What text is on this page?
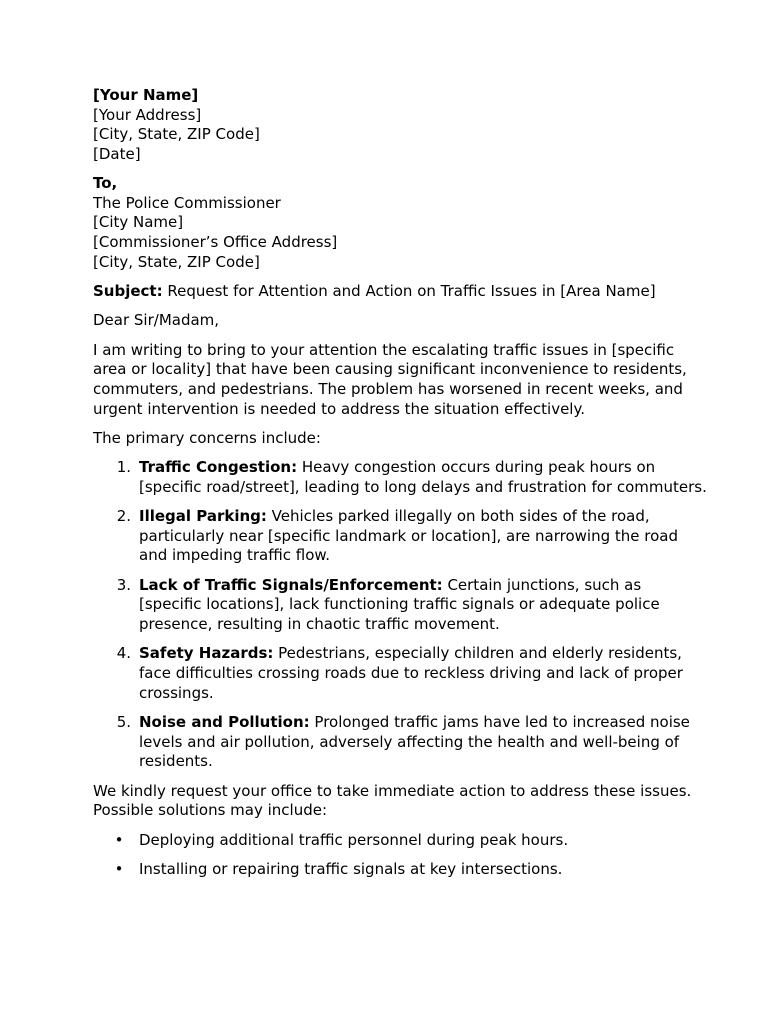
[Your Name]
[Your Address]
[City, State, ZIP Code]
[Date]
To,
The Police Commissioner
[City Name]
[Commissioner’s Office Address]
[City, State, ZIP Code]

Subject: Request for Attention and Action on Traffic Issues in [Area Name]

Dear Sir/Madam,

I am writing to bring to your attention the escalating traffic issues in [specific area or locality] that have been causing significant inconvenience to residents, commuters, and pedestrians. The problem has worsened in recent weeks, and urgent intervention is needed to address the situation effectively.

The primary concerns include:

1. Traffic Congestion: Heavy congestion occurs during peak hours on [specific road/street], leading to long delays and frustration for commuters.
2. Illegal Parking: Vehicles parked illegally on both sides of the road, particularly near [specific landmark or location], are narrowing the road and impeding traffic flow.
3. Lack of Traffic Signals/Enforcement: Certain junctions, such as [specific locations], lack functioning traffic signals or adequate police presence, resulting in chaotic traffic movement.
4. Safety Hazards: Pedestrians, especially children and elderly residents, face difficulties crossing roads due to reckless driving and lack of proper crossings.
5. Noise and Pollution: Prolonged traffic jams have led to increased noise levels and air pollution, adversely affecting the health and well-being of residents.

We kindly request your office to take immediate action to address these issues. Possible solutions may include:

• Deploying additional traffic personnel during peak hours.
• Installing or repairing traffic signals at key intersections.
